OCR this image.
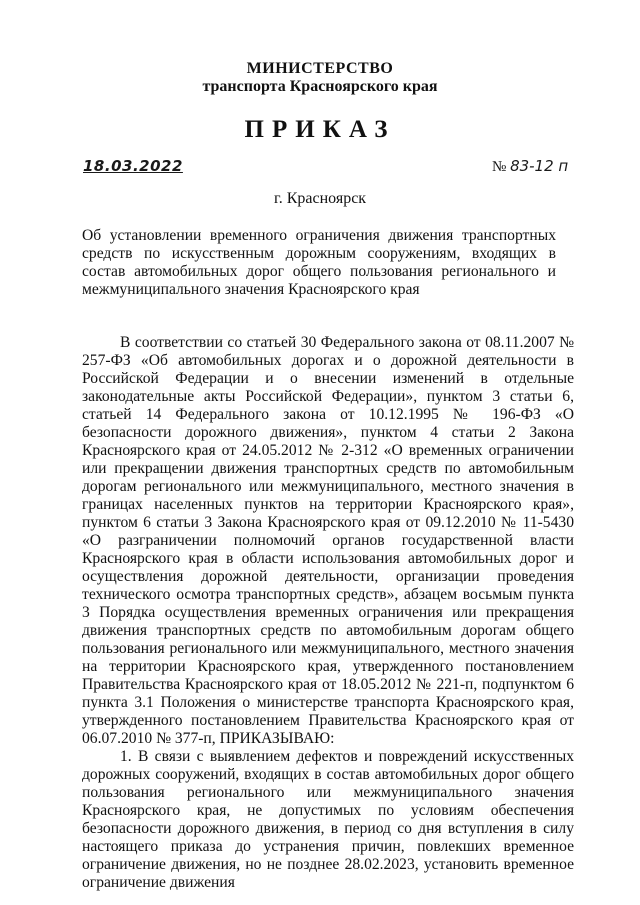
МИНИСТЕРСТВО
транспорта Красноярского края
ПРИКАЗ
18.03.2022	№ 83-12 п
г. Красноярск

Об установлении временного ограничения движения транспортных средств по искусственным дорожным сооружениям, входящих в состав автомобильных дорог общего пользования регионального и межмуниципального значения Красноярского края

В соответствии со статьей 30 Федерального закона от 08.11.2007 № 257-ФЗ «Об автомобильных дорогах и о дорожной деятельности в Российской Федерации и о внесении изменений в отдельные законодательные акты Российской Федерации», пунктом 3 статьи 6, статьей 14 Федерального закона от 10.12.1995 № 196-ФЗ «О безопасности дорожного движения», пунктом 4 статьи 2 Закона Красноярского края от 24.05.2012 № 2-312 «О временных ограничении или прекращении движения транспортных средств по автомобильным дорогам регионального или межмуниципального, местного значения в границах населенных пунктов на территории Красноярского края», пунктом 6 статьи 3 Закона Красноярского края от 09.12.2010 № 11-5430 «О разграничении полномочий органов государственной власти Красноярского края в области использования автомобильных дорог и осуществления дорожной деятельности, организации проведения технического осмотра транспортных средств», абзацем восьмым пункта 3 Порядка осуществления временных ограничения или прекращения движения транспортных средств по автомобильным дорогам общего пользования регионального или межмуниципального, местного значения на территории Красноярского края, утвержденного постановлением Правительства Красноярского края от 18.05.2012 № 221-п, подпунктом 6 пункта 3.1 Положения о министерстве транспорта Красноярского края, утвержденного постановлением Правительства Красноярского края от 06.07.2010 № 377-п, ПРИКАЗЫВАЮ:

1. В связи с выявлением дефектов и повреждений искусственных дорожных сооружений, входящих в состав автомобильных дорог общего пользования регионального или межмуниципального значения Красноярского края, не допустимых по условиям обеспечения безопасности дорожного движения, в период со дня вступления в силу настоящего приказа до устранения причин, повлекших временное ограничение движения, но не позднее 28.02.2023, установить временное ограничение движения
